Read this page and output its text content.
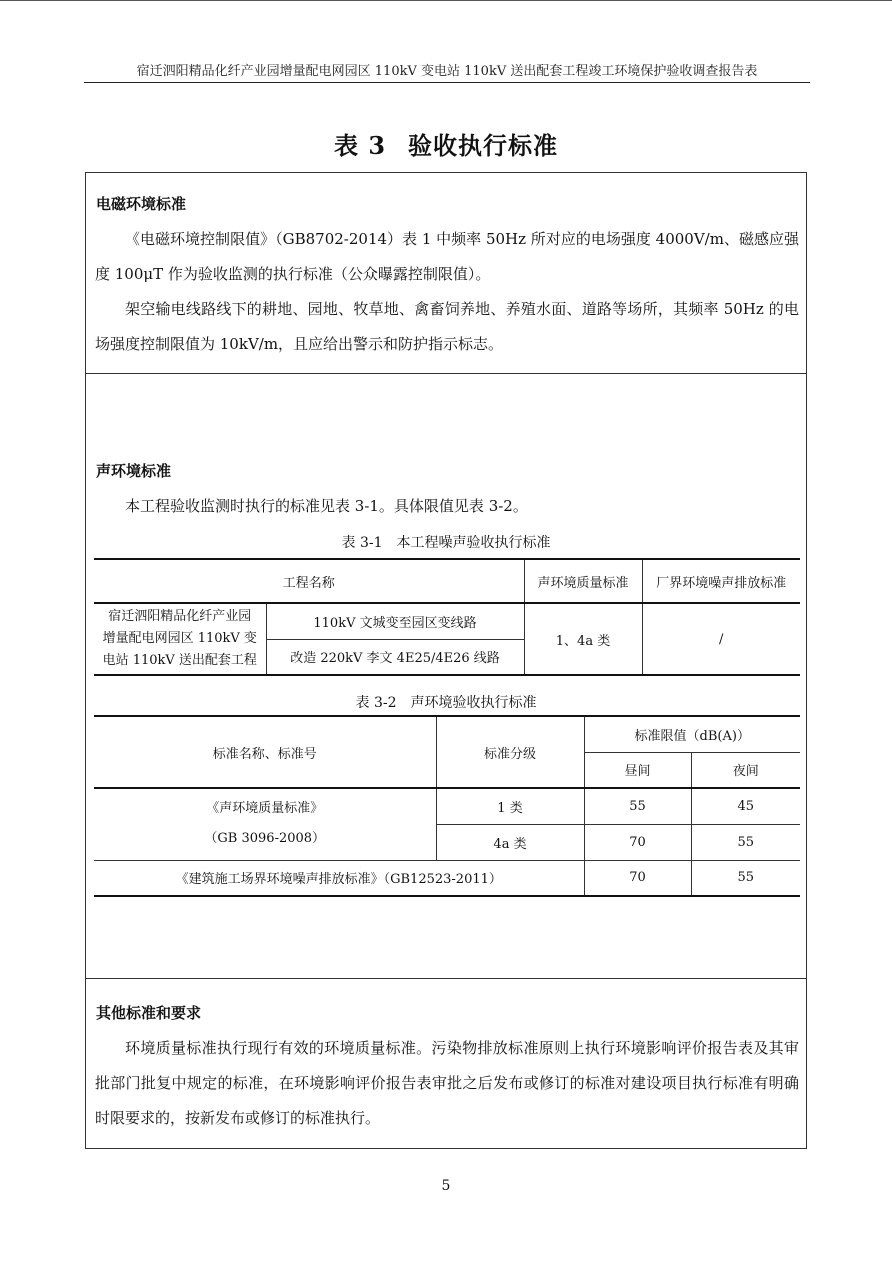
宿迁泗阳精品化纤产业园增量配电网园区 110kV 变电站 110kV 送出配套工程竣工环境保护验收调查报告表
表 3 验收执行标准
电磁环境标准
《电磁环境控制限值》（GB8702-2014）表 1 中频率 50Hz 所对应的电场强度 4000V/m、磁感应强度 100μT 作为验收监测的执行标准（公众曝露控制限值）。
架空输电线路线下的耕地、园地、牧草地、禽畜饲养地、养殖水面、道路等场所，其频率 50Hz 的电场强度控制限值为 10kV/m，且应给出警示和防护指示标志。
声环境标准
本工程验收监测时执行的标准见表 3-1。具体限值见表 3-2。
表 3-1　本工程噪声验收执行标准
工程名称		声环境质量标准	厂界环境噪声排放标准
宿迁泗阳精品化纤产业园增量配电网园区 110kV 变电站 110kV 送出配套工程	110kV 文城变至园区变线路	1、4a 类	/
	改造 220kV 李文 4E25/4E26 线路		
表 3-2　声环境验收执行标准
标准名称、标准号	标准分级	标准限值（dB(A)）	
		昼间	夜间

《声环境质量标准》
（GB 3096-2008）	1 类	55	45
	4a 类	70	55
《建筑施工场界环境噪声排放标准》（GB12523-2011）		70	55
其他标准和要求
环境质量标准执行现行有效的环境质量标准。污染物排放标准原则上执行环境影响评价报告表及其审批部门批复中规定的标准，在环境影响评价报告表审批之后发布或修订的标准对建设项目执行标准有明确时限要求的，按新发布或修订的标准执行。
5
